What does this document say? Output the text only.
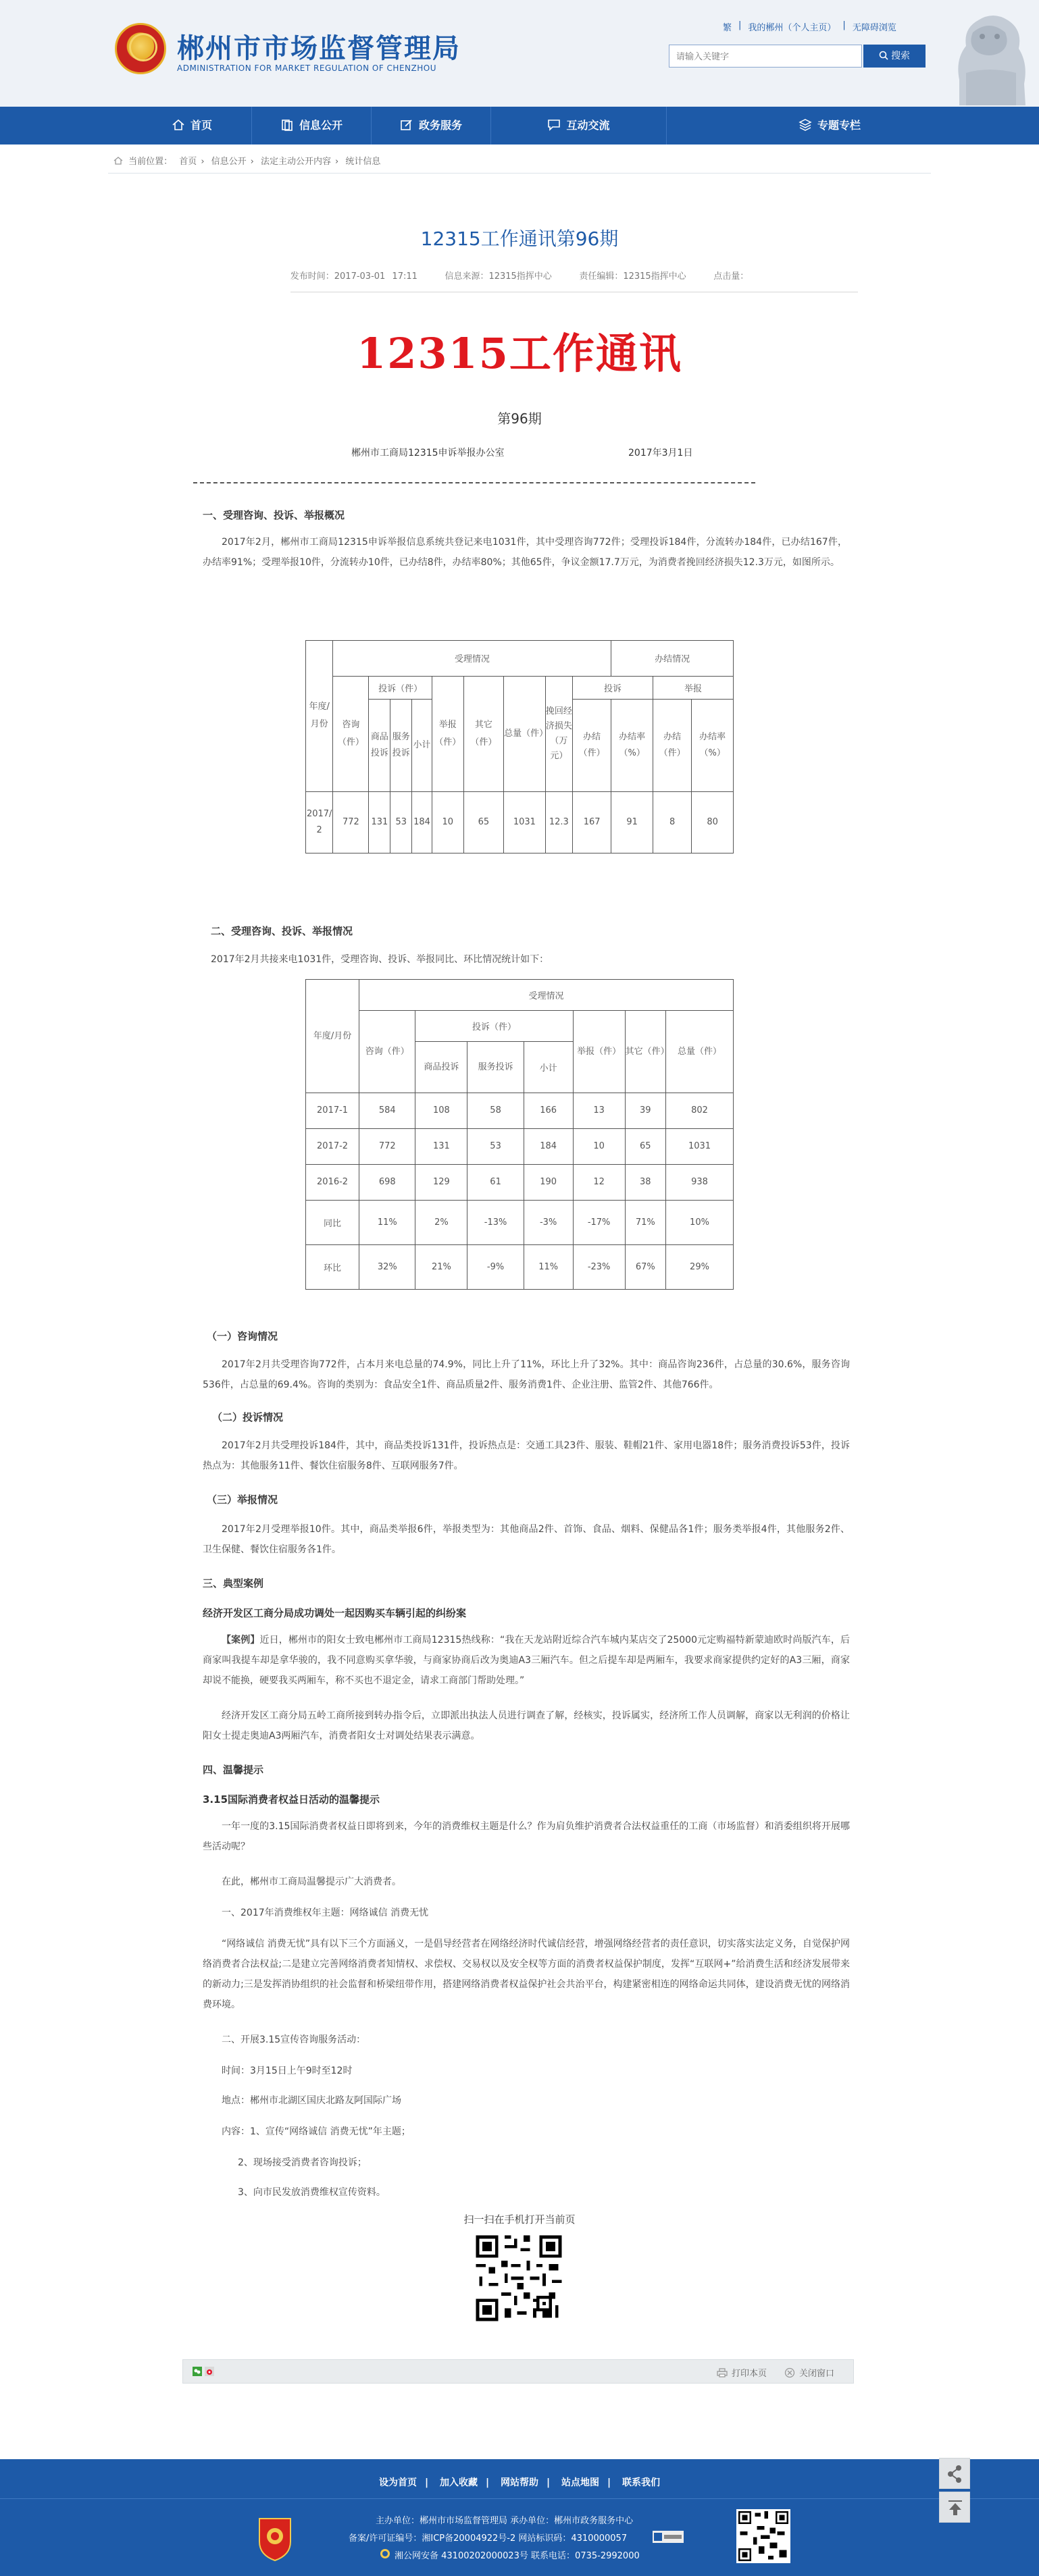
郴州市市场监督管理局
ADMINISTRATION FOR MARKET REGULATION OF CHENZHOU
繁 | 我的郴州（个人主页） | 无障碍浏览
请输入关键字
搜索
首页	信息公开	政务服务	互动交流	专题专栏
当前位置： 首页 › 信息公开 › 法定主动公开内容 › 统计信息
12315工作通讯第96期
发布时间：2017-03-01 17:11	信息来源：12315指挥中心	责任编辑：12315指挥中心	点击量：
12315工作通讯
第96期
郴州市工商局12315申诉举报办公室	2017年3月1日
一、受理咨询、投诉、举报概况
2017年2月，郴州市工商局12315申诉举报信息系统共登记来电1031件，其中受理咨询772件；受理投诉184件，分流转办184件，已办结167件，办结率91%；受理举报10件，分流转办10件，已办结8件，办结率80%；其他65件，争议金额17.7万元，为消费者挽回经济损失12.3万元，如图所示。
年度/月份	受理情况									办结情况		
	咨询（件）	投诉（件）			举报（件）	其它（件）	总量（件）	挽回经济损失（万元）	投诉		举报	
		商品投诉	服务投诉	小计					办结（件）	办结率（%）	办结（件）	办结率（%）

2017/2	772	131	53	184	10	65	1031	12.3	167	91	8	80
二、受理咨询、投诉、举报情况
2017年2月共接来电1031件，受理咨询、投诉、举报同比、环比情况统计如下：
年度/月份	受理情况						
	咨询（件）	投诉（件）			举报（件）	其它（件）	总量（件）
		商品投诉	服务投诉	小计			
2017-1	584	108	58	166	13	39	802
2017-2	772	131	53	184	10	65	1031
2016-2	698	129	61	190	12	38	938
同比	11%	2%	-13%	-3%	-17%	71%	10%
环比	32%	21%	-9%	11%	-23%	67%	29%
（一）咨询情况
2017年2月共受理咨询772件，占本月来电总量的74.9%，同比上升了11%，环比上升了32%。其中：商品咨询236件，占总量的30.6%，服务咨询536件，占总量的69.4%。咨询的类别为：食品安全1件、商品质量2件、服务消费1件、企业注册、监管2件、其他766件。
（二）投诉情况
2017年2月共受理投诉184件，其中，商品类投诉131件，投诉热点是：交通工具23件、服装、鞋帽21件、家用电器18件；服务消费投诉53件，投诉热点为：其他服务11件、餐饮住宿服务8件、互联网服务7件。
（三）举报情况
2017年2月受理举报10件。其中，商品类举报6件，举报类型为：其他商品2件、首饰、食品、烟料、保健品各1件；服务类举报4件，其他服务2件、卫生保健、餐饮住宿服务各1件。
三、典型案例
经济开发区工商分局成功调处一起因购买车辆引起的纠纷案
【案例】近日，郴州市的阳女士致电郴州市工商局12315热线称：“我在天龙站附近综合汽车城内某店交了25000元定购福特新蒙迪欧时尚版汽车，后商家叫我提车却是拿华骏的，我不同意购买拿华骏，与商家协商后改为奥迪A3三厢汽车。但之后提车却是两厢车，我要求商家提供约定好的A3三厢，商家却说不能换，硬要我买两厢车，称不买也不退定金，请求工商部门帮助处理。”
经济开发区工商分局五岭工商所接到转办指令后，立即派出执法人员进行调查了解，经核实，投诉属实，经济所工作人员调解，商家以无利润的价格让阳女士提走奥迪A3两厢汽车，消费者阳女士对调处结果表示满意。
四、温馨提示
3.15国际消费者权益日活动的温馨提示
一年一度的3.15国际消费者权益日即将到来，今年的消费维权主题是什么？作为肩负维护消费者合法权益重任的工商（市场监督）和消委组织将开展哪些活动呢？
在此，郴州市工商局温馨提示广大消费者。
一、2017年消费维权年主题：网络诚信 消费无忧
“网络诚信 消费无忧”具有以下三个方面涵义，一是倡导经营者在网络经济时代诚信经营，增强网络经营者的责任意识，切实落实法定义务，自觉保护网络消费者合法权益;二是建立完善网络消费者知情权、求偿权、交易权以及安全权等方面的消费者权益保护制度，发挥“互联网+”给消费生活和经济发展带来的新动力;三是发挥消协组织的社会监督和桥梁纽带作用，搭建网络消费者权益保护社会共治平台，构建紧密相连的网络命运共同体，建设消费无忧的网络消费环境。
二、开展3.15宣传咨询服务活动：
时间：3月15日上午9时至12时
地点：郴州市北湖区国庆北路友阿国际广场
内容：1、宣传“网络诚信 消费无忧”年主题；
2、现场接受消费者咨询投诉；
3、向市民发放消费维权宣传资料。
扫一扫在手机打开当前页
打印本页	关闭窗口
设为首页 | 加入收藏 | 网站帮助 | 站点地图 | 联系我们
主办单位：郴州市市场监督管理局 承办单位：郴州市政务服务中心
备案/许可证编号：湘ICP备20004922号-2 网站标识码：4310000057
湘公网安备 43100202000023号 联系电话：0735-2992000
